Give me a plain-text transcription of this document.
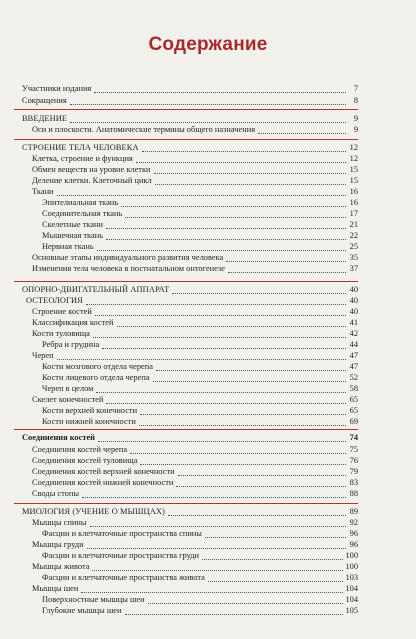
Содержание
Участники издания	7
Сокращения	8
ВВЕДЕНИЕ	9
Оси и плоскости. Анатомические термины общего назначения	9
СТРОЕНИЕ ТЕЛА ЧЕЛОВЕКА	12
Клетка, строение и функция	12
Обмен веществ на уровне клетки	15
Деление клетки. Клеточный цикл	15
Ткани	16
Эпителиальная ткань	16
Соединительная ткань	17
Скелетные ткани	21
Мышечная ткань	22
Нервная ткань	25
Основные этапы индивидуального развития человека	35
Изменения тела человека в постнатальном онтогенезе	37
ОПОРНО-ДВИГАТЕЛЬНЫЙ АППАРАТ	40
ОСТЕОЛОГИЯ	40
Строение костей	40
Классификация костей	41
Кости туловища	42
Ребра и грудина	44
Череп	47
Кости мозгового отдела черепа	47
Кости лицевого отдела черепа	52
Череп в целом	58
Скелет конечностей	65
Кости верхней конечности	65
Кости нижней конечности	69
Соединения костей	74
Соединения костей черепа	75
Соединения костей туловища	76
Соединения костей верхней конечности	79
Соединения костей нижней конечности	83
Своды стопы	88
МИОЛОГИЯ (УЧЕНИЕ О МЫШЦАХ)	89
Мышцы спины	92
Фасции и клетчаточные пространства спины	96
Мышцы груди	96
Фасции и клетчаточные пространства груди	100
Мышцы живота	100
Фасции и клетчаточные пространства живота	103
Мышцы шеи	104
Поверхностные мышцы шеи	104
Глубокие мышцы шеи	105
